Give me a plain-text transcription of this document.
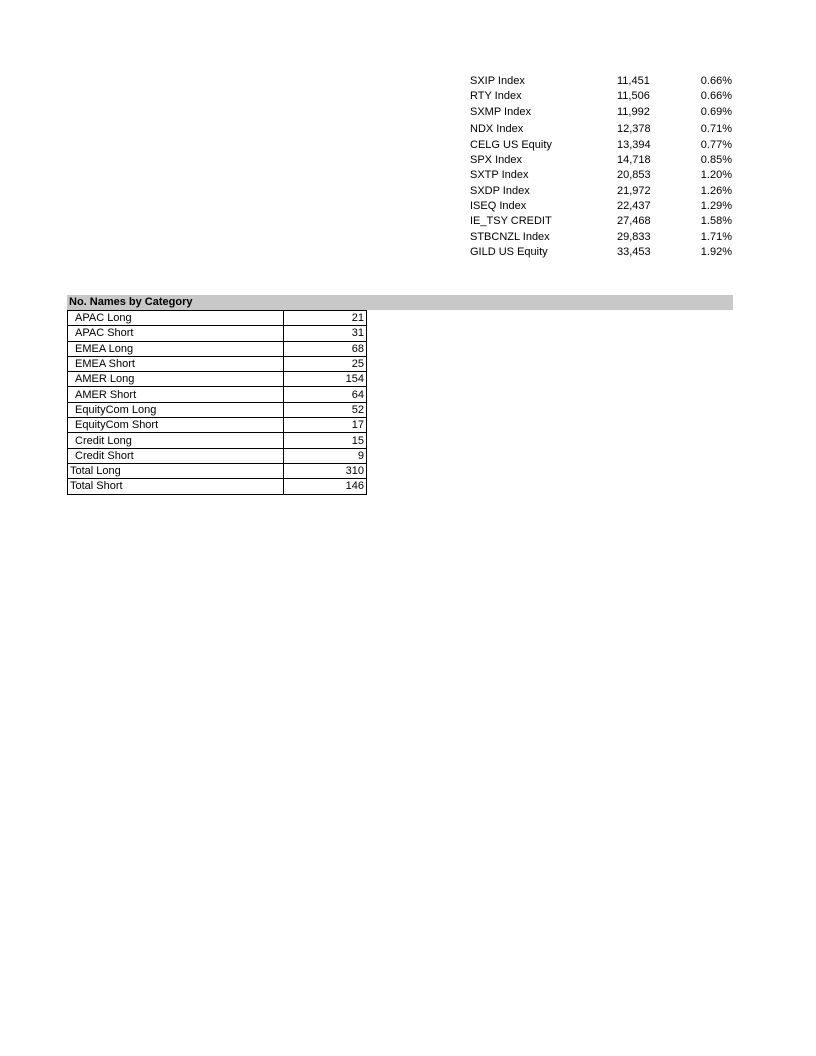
SXIP Index	11,451	0.66%
RTY Index	11,506	0.66%
SXMP Index	11,992	0.69%
NDX Index	12,378	0.71%
CELG US Equity	13,394	0.77%
SPX Index	14,718	0.85%
SXTP Index	20,853	1.20%
SXDP Index	21,972	1.26%
ISEQ Index	22,437	1.29%
IE_TSY CREDIT	27,468	1.58%
STBCNZL Index	29,833	1.71%
GILD US Equity	33,453	1.92%
No. Names by Category
APAC Long	21
APAC Short	31
EMEA Long	68
EMEA Short	25
AMER Long	154
AMER Short	64
EquityCom Long	52
EquityCom Short	17
Credit Long	15
Credit Short	9
Total Long	310
Total Short	146
